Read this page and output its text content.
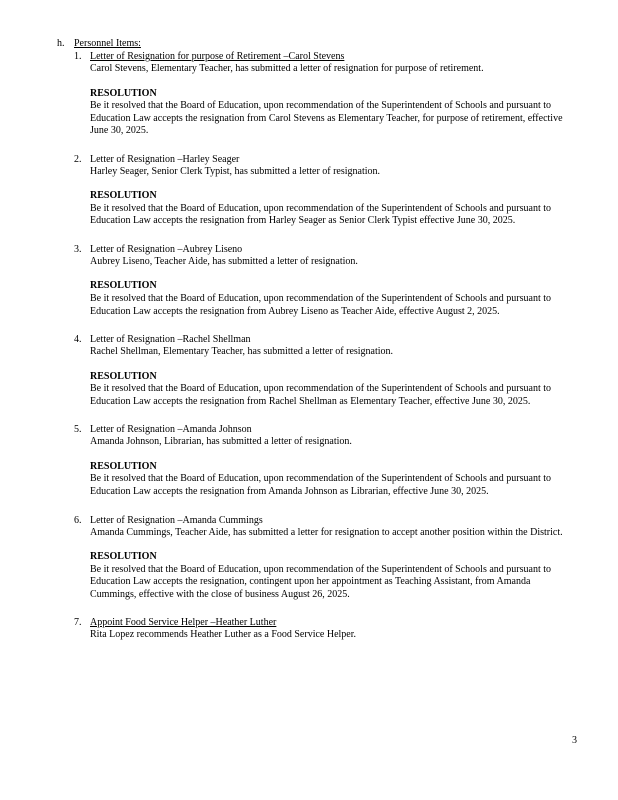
h. Personnel Items:
1. Letter of Resignation for purpose of Retirement –Carol Stevens
Carol Stevens, Elementary Teacher, has submitted a letter of resignation for purpose of retirement.
RESOLUTION
Be it resolved that the Board of Education, upon recommendation of the Superintendent of Schools and pursuant to Education Law accepts the resignation from Carol Stevens as Elementary Teacher, for purpose of retirement, effective June 30, 2025.
2. Letter of Resignation –Harley Seager
Harley Seager, Senior Clerk Typist, has submitted a letter of resignation.
RESOLUTION
Be it resolved that the Board of Education, upon recommendation of the Superintendent of Schools and pursuant to Education Law accepts the resignation from Harley Seager as Senior Clerk Typist effective June 30, 2025.
3. Letter of Resignation –Aubrey Liseno
Aubrey Liseno, Teacher Aide, has submitted a letter of resignation.
RESOLUTION
Be it resolved that the Board of Education, upon recommendation of the Superintendent of Schools and pursuant to Education Law accepts the resignation from Aubrey Liseno as Teacher Aide, effective August 2, 2025.
4. Letter of Resignation –Rachel Shellman
Rachel Shellman, Elementary Teacher, has submitted a letter of resignation.
RESOLUTION
Be it resolved that the Board of Education, upon recommendation of the Superintendent of Schools and pursuant to Education Law accepts the resignation from Rachel Shellman as Elementary Teacher, effective June 30, 2025.
5. Letter of Resignation –Amanda Johnson
Amanda Johnson, Librarian, has submitted a letter of resignation.
RESOLUTION
Be it resolved that the Board of Education, upon recommendation of the Superintendent of Schools and pursuant to Education Law accepts the resignation from Amanda Johnson as Librarian, effective June 30, 2025.
6. Letter of Resignation –Amanda Cummings
Amanda Cummings, Teacher Aide, has submitted a letter for resignation to accept another position within the District.
RESOLUTION
Be it resolved that the Board of Education, upon recommendation of the Superintendent of Schools and pursuant to Education Law accepts the resignation, contingent upon her appointment as Teaching Assistant, from Amanda Cummings, effective with the close of business August 26, 2025.
7. Appoint Food Service Helper –Heather Luther
Rita Lopez recommends Heather Luther as a Food Service Helper.
3
